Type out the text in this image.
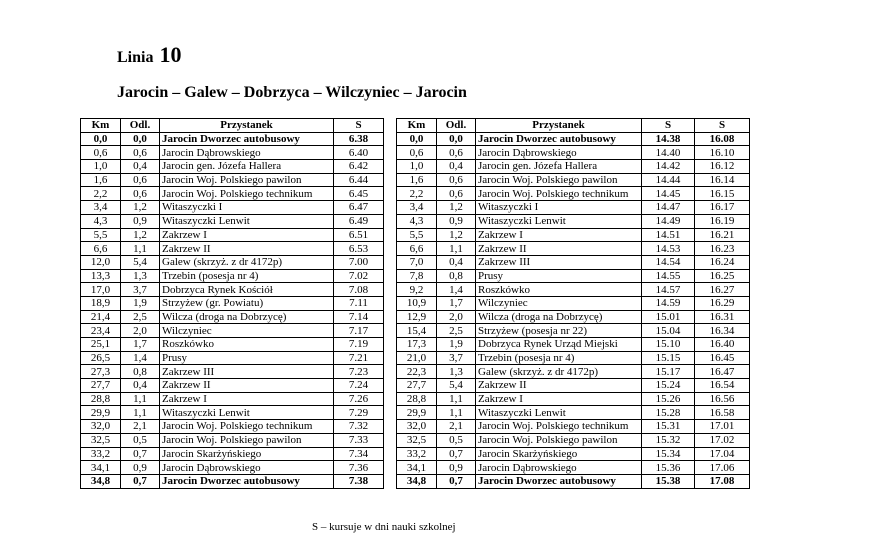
Linia 10
Jarocin – Galew – Dobrzyca – Wilczyniec – Jarocin
Km	Odl.	Przystanek	S
0,0	0,0	Jarocin Dworzec autobusowy	6.38
0,6	0,6	Jarocin Dąbrowskiego	6.40
1,0	0,4	Jarocin gen. Józefa Hallera	6.42
1,6	0,6	Jarocin Woj. Polskiego pawilon	6.44
2,2	0,6	Jarocin Woj. Polskiego technikum	6.45
3,4	1,2	Witaszyczki I	6.47
4,3	0,9	Witaszyczki Lenwit	6.49
5,5	1,2	Zakrzew I	6.51
6,6	1,1	Zakrzew II	6.53
12,0	5,4	Galew (skrzyż. z dr 4172p)	7.00
13,3	1,3	Trzebin (posesja nr 4)	7.02
17,0	3,7	Dobrzyca Rynek Kościół	7.08
18,9	1,9	Strzyżew (gr. Powiatu)	7.11
21,4	2,5	Wilcza (droga na Dobrzycę)	7.14
23,4	2,0	Wilczyniec	7.17
25,1	1,7	Roszkówko	7.19
26,5	1,4	Prusy	7.21
27,3	0,8	Zakrzew III	7.23
27,7	0,4	Zakrzew II	7.24
28,8	1,1	Zakrzew I	7.26
29,9	1,1	Witaszyczki Lenwit	7.29
32,0	2,1	Jarocin Woj. Polskiego technikum	7.32
32,5	0,5	Jarocin Woj. Polskiego pawilon	7.33
33,2	0,7	Jarocin Skarżyńskiego	7.34
34,1	0,9	Jarocin Dąbrowskiego	7.36
34,8	0,7	Jarocin Dworzec autobusowy	7.38
Km	Odl.	Przystanek	S	S
0,0	0,0	Jarocin Dworzec autobusowy	14.38	16.08
0,6	0,6	Jarocin Dąbrowskiego	14.40	16.10
1,0	0,4	Jarocin gen. Józefa Hallera	14.42	16.12
1,6	0,6	Jarocin Woj. Polskiego pawilon	14.44	16.14
2,2	0,6	Jarocin Woj. Polskiego technikum	14.45	16.15
3,4	1,2	Witaszyczki I	14.47	16.17
4,3	0,9	Witaszyczki Lenwit	14.49	16.19
5,5	1,2	Zakrzew I	14.51	16.21
6,6	1,1	Zakrzew II	14.53	16.23
7,0	0,4	Zakrzew III	14.54	16.24
7,8	0,8	Prusy	14.55	16.25
9,2	1,4	Roszkówko	14.57	16.27
10,9	1,7	Wilczyniec	14.59	16.29
12,9	2,0	Wilcza (droga na Dobrzycę)	15.01	16.31
15,4	2,5	Strzyżew (posesja nr 22)	15.04	16.34
17,3	1,9	Dobrzyca Rynek Urząd Miejski	15.10	16.40
21,0	3,7	Trzebin (posesja nr 4)	15.15	16.45
22,3	1,3	Galew (skrzyż. z dr 4172p)	15.17	16.47
27,7	5,4	Zakrzew II	15.24	16.54
28,8	1,1	Zakrzew I	15.26	16.56
29,9	1,1	Witaszyczki Lenwit	15.28	16.58
32,0	2,1	Jarocin Woj. Polskiego technikum	15.31	17.01
32,5	0,5	Jarocin Woj. Polskiego pawilon	15.32	17.02
33,2	0,7	Jarocin Skarżyńskiego	15.34	17.04
34,1	0,9	Jarocin Dąbrowskiego	15.36	17.06
34,8	0,7	Jarocin Dworzec autobusowy	15.38	17.08
S – kursuje w dni nauki szkolnej
